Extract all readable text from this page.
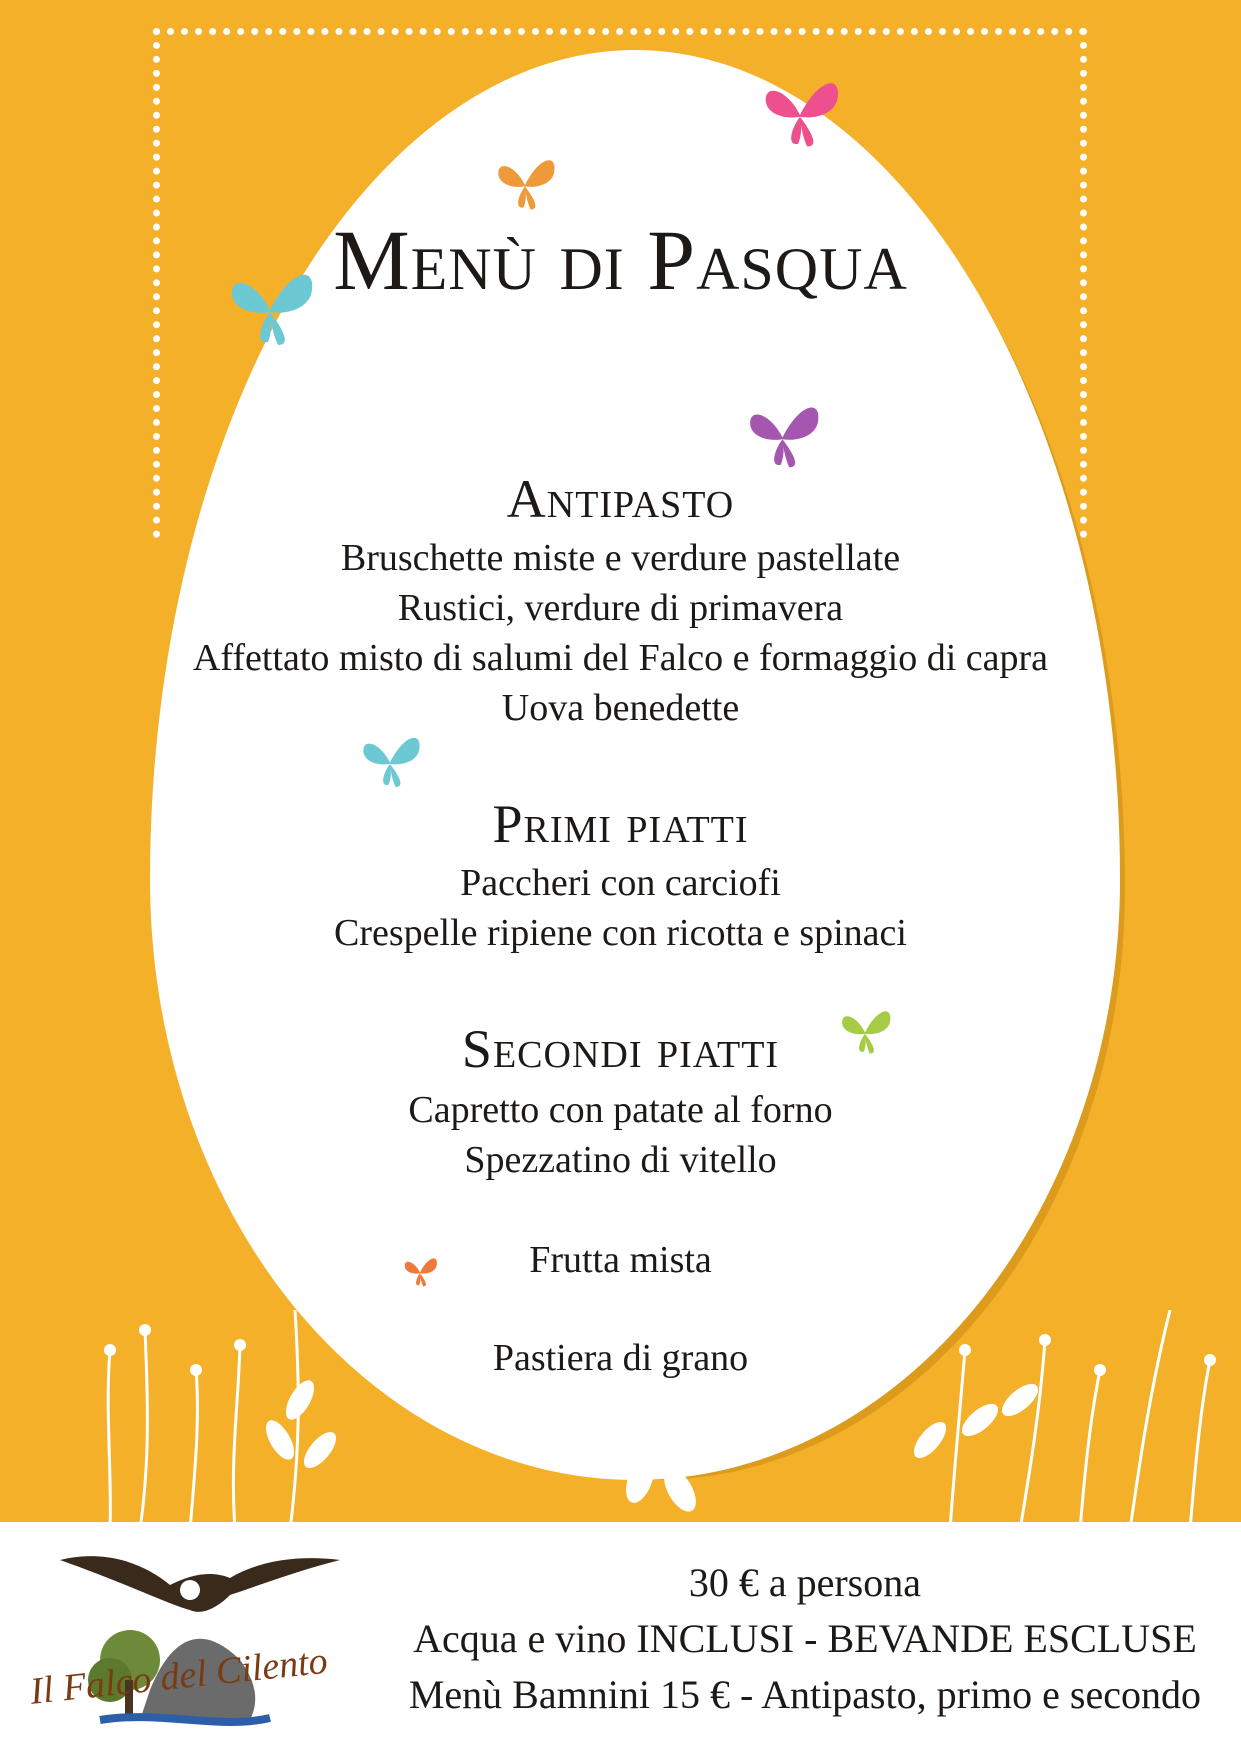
Menù di Pasqua
Antipasto
Bruschette miste e verdure pastellate
Rustici, verdure di primavera
Affettato misto di salumi del Falco e formaggio di capra
Uova benedette
Primi piatti
Paccheri con carciofi
Crespelle ripiene con ricotta e spinaci
Secondi piatti
Capretto con patate al forno
Spezzatino di vitello
Frutta mista
Pastiera di grano
Il Falco del Cilento
30 € a persona
Acqua e vino INCLUSI - BEVANDE ESCLUSE
Menù Bamnini 15 € - Antipasto, primo e secondo
